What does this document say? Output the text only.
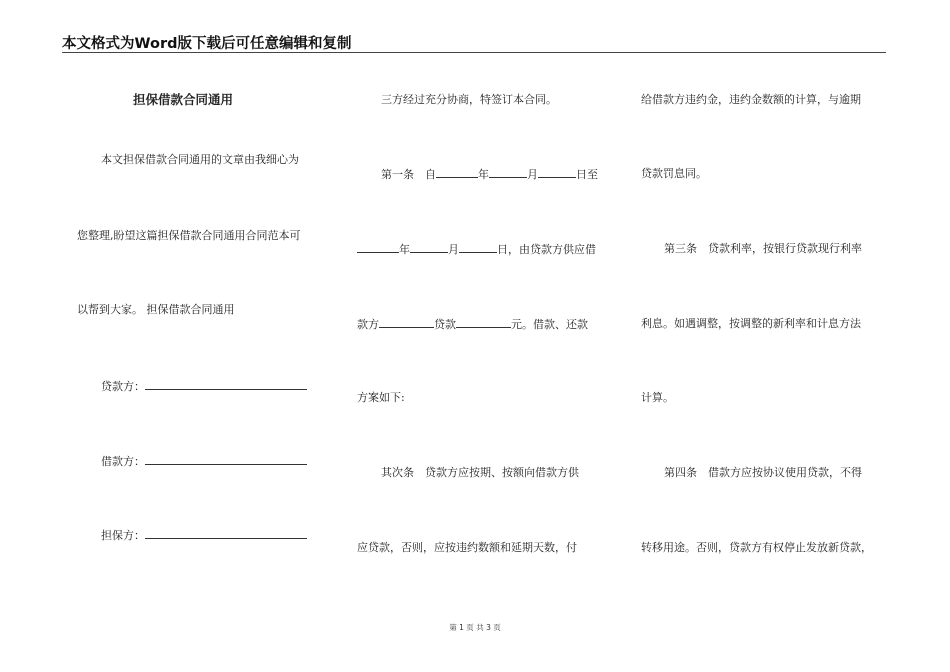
本文格式为Word版下载后可任意编辑和复制
担保借款合同通用
本文担保借款合同通用的文章由我细心为
您整理,盼望这篇担保借款合同通用合同范本可
以帮到大家。 担保借款合同通用
贷款方：
借款方：
担保方：
三方经过充分协商，特签订本合同。
第一条　自	年	月	日至
年	月	日，由贷款方供应借
款方	贷款	元。借款、还款
方案如下:
其次条　贷款方应按期、按额向借款方供
应贷款，否则，应按违约数额和延期天数，付
给借款方违约金，违约金数额的计算，与逾期
贷款罚息同。
第三条　贷款利率，按银行贷款现行利率
利息。如遇调整，按调整的新利率和计息方法
计算。
第四条　借款方应按协议使用贷款，不得
转移用途。否则，贷款方有权停止发放新贷款，
第 1 页 共 3 页
